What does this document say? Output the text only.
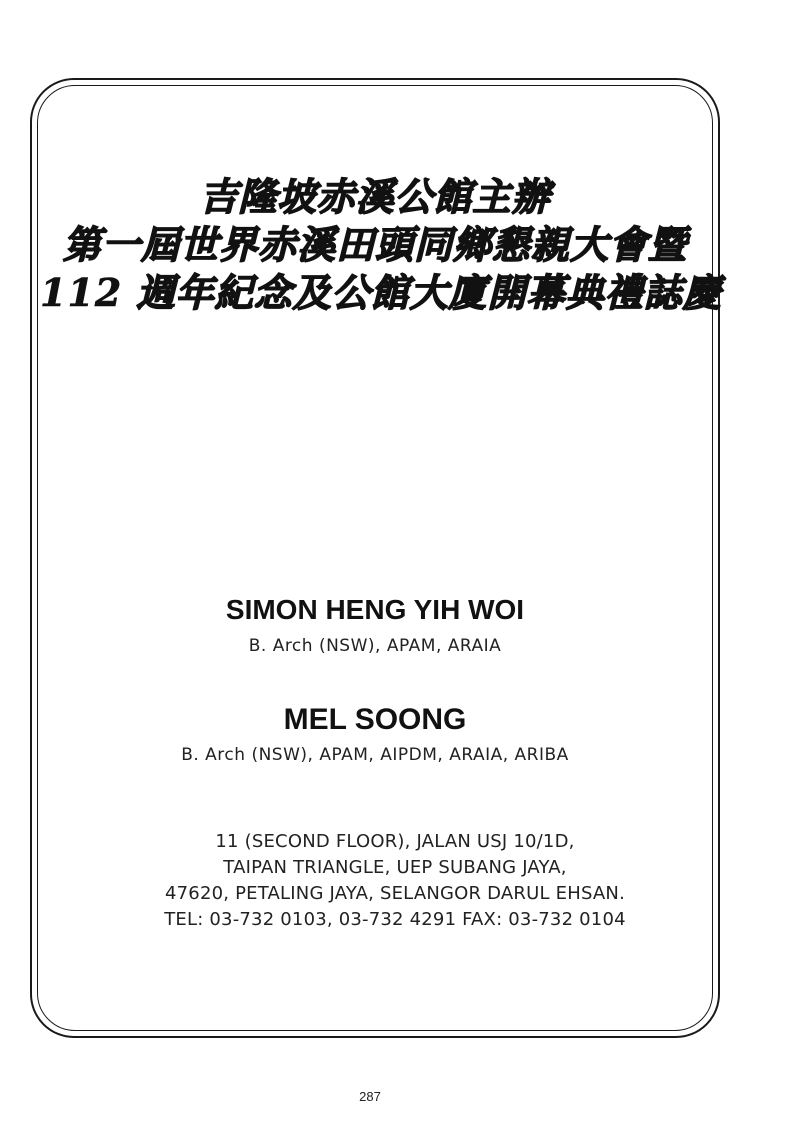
吉隆坡赤溪公館主辦
第一屆世界赤溪田頭同鄉懇親大會暨
112 週年紀念及公館大廈開幕典禮誌慶
SIMON HENG YIH WOI
B. Arch (NSW), APAM, ARAIA
MEL SOONG
B. Arch (NSW), APAM, AIPDM, ARAIA, ARIBA
11 (SECOND FLOOR), JALAN USJ 10/1D,
TAIPAN TRIANGLE, UEP SUBANG JAYA,
47620, PETALING JAYA, SELANGOR DARUL EHSAN.
TEL: 03-732 0103, 03-732 4291 FAX: 03-732 0104
287
